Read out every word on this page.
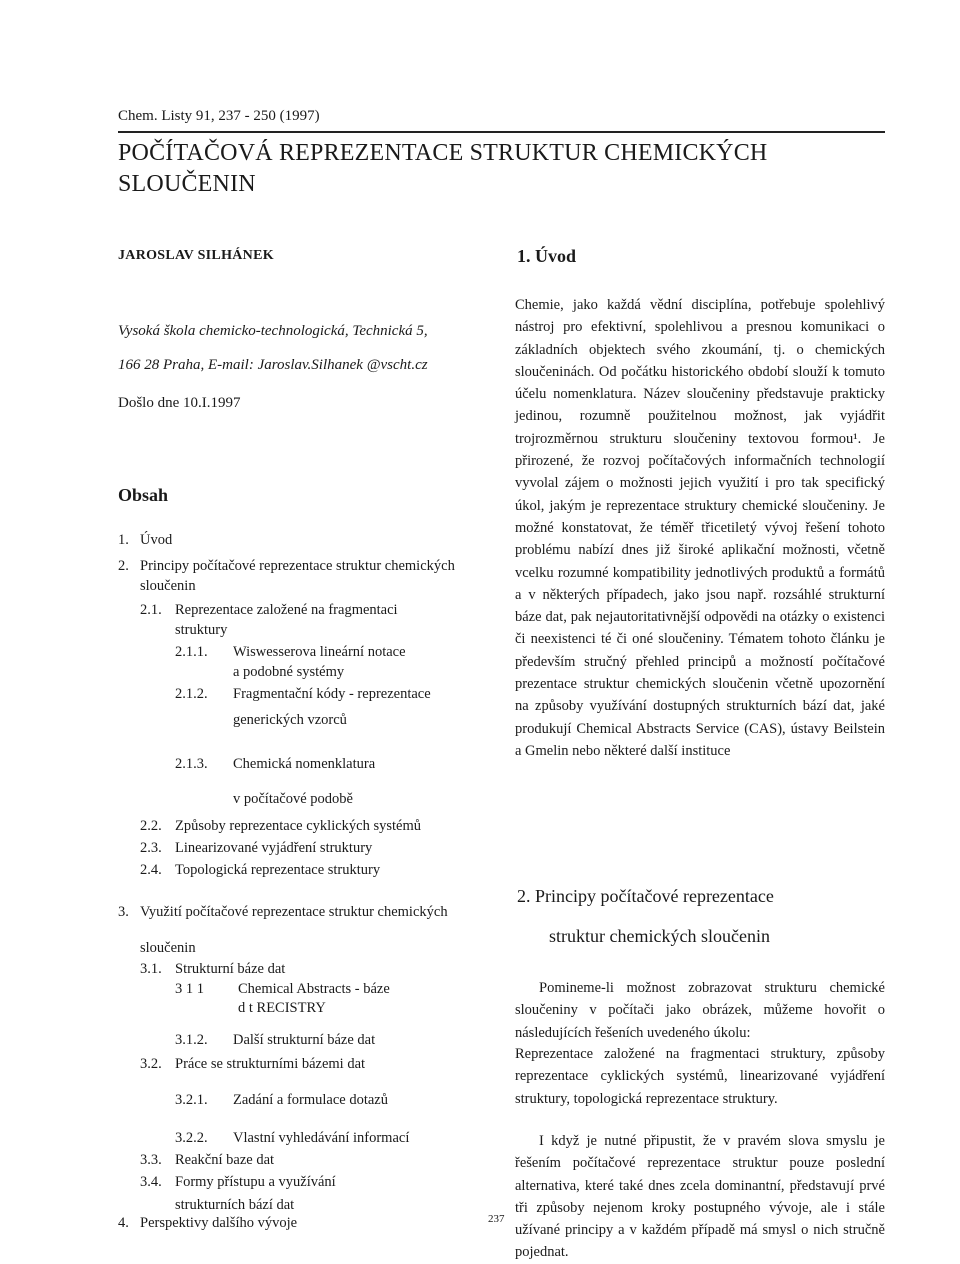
Chem. Listy 91, 237 - 250 (1997)
POČÍTAČOVÁ REPREZENTACE STRUKTUR CHEMICKÝCH SLOUČENIN
JAROSLAV SILHÁNEK
Vysoká škola chemicko-technologická, Technická 5,
166 28 Praha, E-mail: Jaroslav.Silhanek @vscht.cz
Došlo dne 10.I.1997
Obsah
1. Úvod
2. Principy počítačové reprezentace struktur chemických
sloučenin
2.1. Reprezentace založené na fragmentaci
struktury
2.1.1. Wiswesserova lineární notace
a podobné systémy
2.1.2. Fragmentační kódy - reprezentace
generických vzorců
2.1.3. Chemická nomenklatura
v počítačové podobě
2.2. Způsoby reprezentace cyklických systémů
2.3. Linearizované vyjádření struktury
2.4. Topologická reprezentace struktury
3. Využití počítačové reprezentace struktur chemických
sloučenin
3.1. Strukturní báze dat
3 1 1 Chemical Abstracts - báze
d t RECISTRY
3.1.2. Další strukturní báze dat
3.2. Práce se strukturními bázemi dat
3.2.1. Zadání a formulace dotazů
3.2.2. Vlastní vyhledávání informací
3.3. Reakční baze dat
3.4. Formy přístupu a využívání
strukturních bází dat
4. Perspektivy dalšího vývoje
1. Úvod
Chemie, jako každá vědní disciplína, potřebuje spolehlivý nástroj pro efektivní, spolehlivou a presnou komunikaci o základních objektech svého zkoumání, tj. o chemických sloučeninách. Od počátku historického období slouží k tomuto účelu nomenklatura. Název sloučeniny představuje prakticky jedinou, rozumně použitelnou možnost, jak vyjádřit trojrozměrnou strukturu sloučeniny textovou formou¹. Je přirozené, že rozvoj počítačových informačních technologií vyvolal zájem o možnosti jejich využití i pro tak specifický úkol, jakým je reprezentace struktury chemické sloučeniny. Je možné konstatovat, že téměř třicetiletý vývoj řešení tohoto problému nabízí dnes již široké aplikační možnosti, včetně vcelku rozumné kompatibility jednotlivých produktů a formátů a v některých případech, jako jsou např. rozsáhlé strukturní báze dat, pak nejautoritativnější odpovědi na otázky o existenci či neexistenci té či oné sloučeniny. Tématem tohoto článku je především stručný přehled principů a možností počítačové prezentace struktur chemických sloučenin včetně upozornění na způsoby využívání dostupných strukturních bází dat, jaké produkují Chemical Abstracts Service (CAS), ústavy Beilstein a Gmelin nebo některé další instituce
2. Principy počítačové reprezentace
struktur chemických sloučenin
Pomineme-li možnost zobrazovat strukturu chemické sloučeniny v počítači jako obrázek, můžeme hovořit o následujících řešeních uvedeného úkolu:
Reprezentace založené na fragmentaci struktury, způsoby reprezentace cyklických systémů, linearizované vyjádření struktury, topologická reprezentace struktury.
I když je nutné připustit, že v pravém slova smyslu je řešením počítačové reprezentace struktur pouze poslední alternativa, které také dnes zcela dominantní, představují prvé tři způsoby nejenom kroky postupného vývoje, ale i stále užívané principy a v každém případě má smysl o nich stručně pojednat.
237
